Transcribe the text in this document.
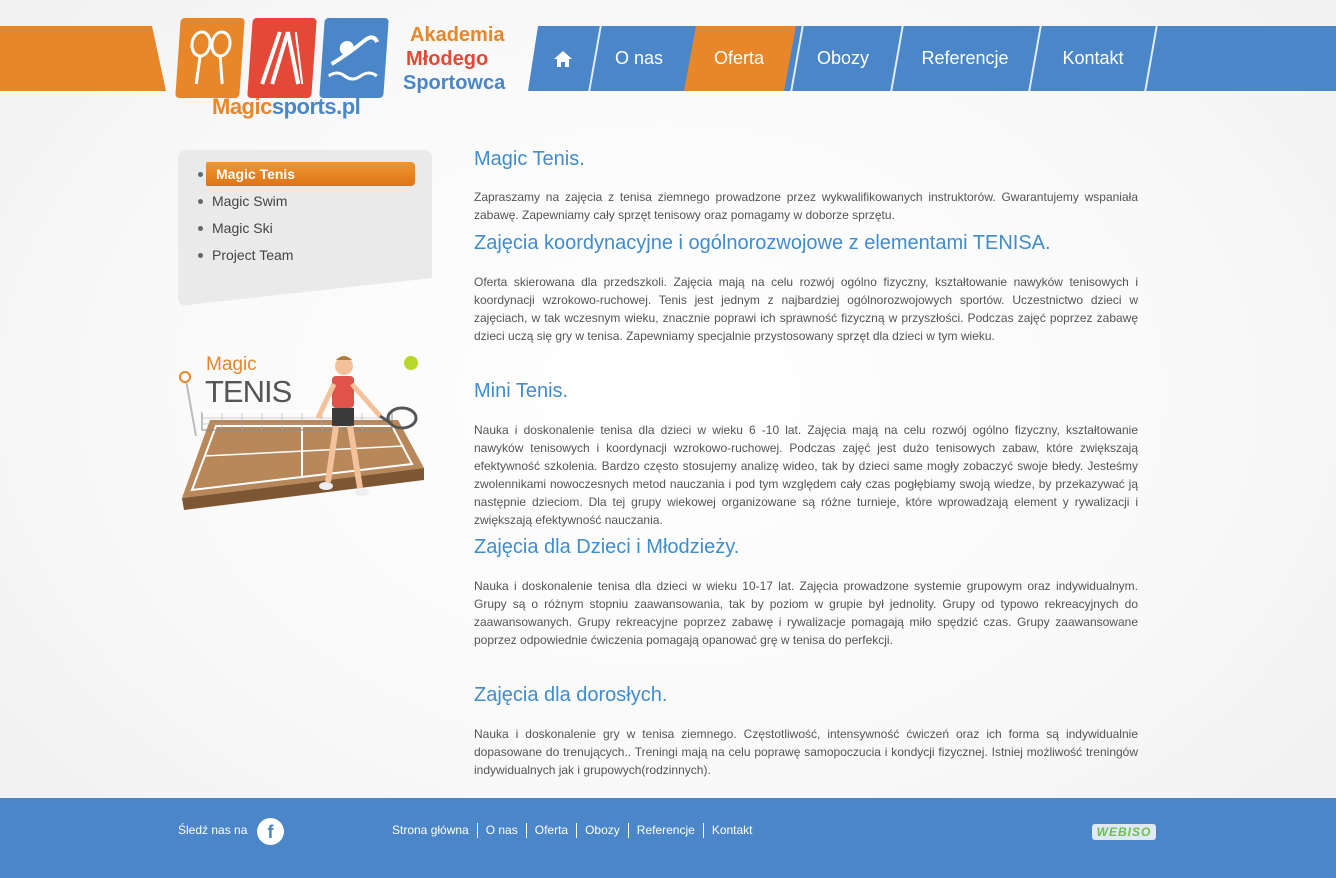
Magicsports.pl
Akademia
Młodego
Sportowca
O nas	Oferta	Obozy	Referencje	Kontakt
Magic Tenis
Magic Swim
Magic Ski
Project Team
Magic
TENIS
Magic Tenis.

Zapraszamy na zajęcia z tenisa ziemnego prowadzone przez wykwalifikowanych instruktorów. Gwarantujemy wspaniała zabawę. Zapewniamy cały sprzęt tenisowy oraz pomagamy w doborze sprzętu.

Zajęcia koordynacyjne i ogólnorozwojowe z elementami TENISA.

Oferta skierowana dla przedszkoli. Zajęcia mają na celu rozwój ogólno fizyczny, kształtowanie nawyków tenisowych i koordynacji wzrokowo-ruchowej. Tenis jest jednym z najbardziej ogólnorozwojowych sportów. Uczestnictwo dzieci w zajęciach, w tak wczesnym wieku, znacznie poprawi ich sprawność fizyczną w przyszłości. Podczas zajęć poprzez zabawę dzieci uczą się gry w tenisa. Zapewniamy specjalnie przystosowany sprzęt dla dzieci w tym wieku.

Mini Tenis.

Nauka i doskonalenie tenisa dla dzieci w wieku 6 -10 lat. Zajęcia mają na celu rozwój ogólno fizyczny, kształtowanie nawyków tenisowych i koordynacji wzrokowo-ruchowej. Podczas zajęć jest dużo tenisowych zabaw, które zwiększają efektywność szkolenia. Bardzo często stosujemy analizę wideo, tak by dzieci same mogły zobaczyć swoje błedy. Jesteśmy zwolennikami nowoczesnych metod nauczania i pod tym względem cały czas pogłębiamy swoją wiedze, by przekazywać ją następnie dzieciom. Dla tej grupy wiekowej organizowane są różne turnieje, które wprowadzają element y rywalizacji i zwiększają efektywność nauczania.

Zajęcia dla Dzieci i Młodzieży.

Nauka i doskonalenie tenisa dla dzieci w wieku 10-17 lat. Zajęcia prowadzone systemie grupowym oraz indywidualnym. Grupy są o różnym stopniu zaawansowania, tak by poziom w grupie był jednolity. Grupy od typowo rekreacyjnych do zaawansowanych. Grupy rekreacyjne poprzez zabawę i rywalizacje pomagają miło spędzić czas. Grupy zaawansowane poprzez odpowiednie ćwiczenia pomagają opanować grę w tenisa do perfekcji.

Zajęcia dla dorosłych.

Nauka i doskonalenie gry w tenisa ziemnego. Częstotliwość, intensywność ćwiczeń oraz ich forma są indywidualnie dopasowane do trenujących.. Treningi mają na celu poprawę samopoczucia i kondycji fizycznej. Istniej możliwość treningów indywidualnych jak i grupowych(rodzinnych).

Śledź nas na	f	Strona główna	O nas	Oferta	Obozy	Referencje	Kontakt	WEBISO
